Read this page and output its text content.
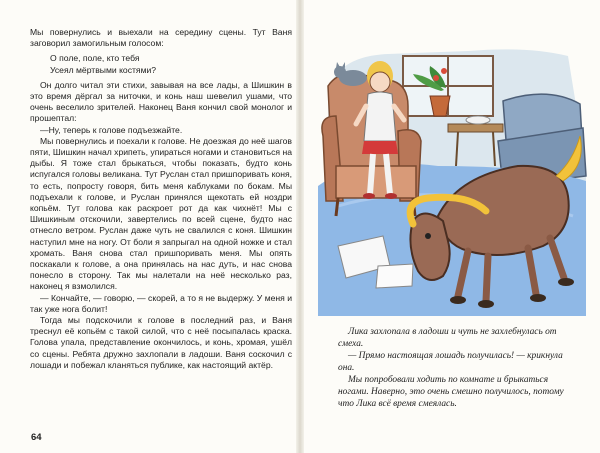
Мы повернулись и выехали на середину сцены. Тут Ваня заговорил замогильным голосом:

О поле, поле, кто тебя
Усеял мёртвыми костями?

Он долго читал эти стихи, завывая на все лады, а Шишкин в это время дёргал за ниточки, и конь наш шевелил ушами, что очень веселило зрителей. Наконец Ваня кончил свой монолог и прошептал:

—Ну, теперь к голове подъезжайте.

Мы повернулись и поехали к голове. Не доезжая до неё шагов пяти, Шишкин начал хрипеть, упираться ногами и становиться на дыбы. Я тоже стал брыкаться, чтобы показать, будто конь испугался головы великана. Тут Руслан стал пришпоривать коня, то есть, попросту говоря, бить меня каблуками по бокам. Мы подъехали к голове, и Руслан принялся щекотать ей ноздри копьём. Тут голова как раскроет рот да как чихнёт! Мы с Шишкиным отскочили, завертелись по всей сцене, будто нас отнесло ветром. Руслан даже чуть не свалился с коня. Шишкин наступил мне на ногу. От боли я запрыгал на одной ножке и стал хромать. Ваня снова стал пришпоривать меня. Мы опять поскакали к голове, а она принялась на нас дуть, и нас снова понесло в сторону. Так мы налетали на неё несколько раз, наконец я взмолился.

— Кончайте, — говорю, — скорей, а то я не выдержу. У меня и так уже нога болит!

Тогда мы подскочили к голове в последний раз, и Ваня треснул её копьём с такой силой, что с неё посыпалась краска. Голова упала, представление окончилось, и конь, хромая, ушёл со сцены. Ребята дружно захлопали в ладоши. Ваня соскочил с лошади и побежал кланяться публике, как настоящий актёр.

64

Лика захлопала в ладоши и чуть не захлебнулась от смеха.

— Прямо настоящая лошадь получилась! — крикнула она.

Мы попробовали ходить по комнате и брыкаться ногами. Наверно, это очень смешно получилось, потому что Лика всё время смеялась.
